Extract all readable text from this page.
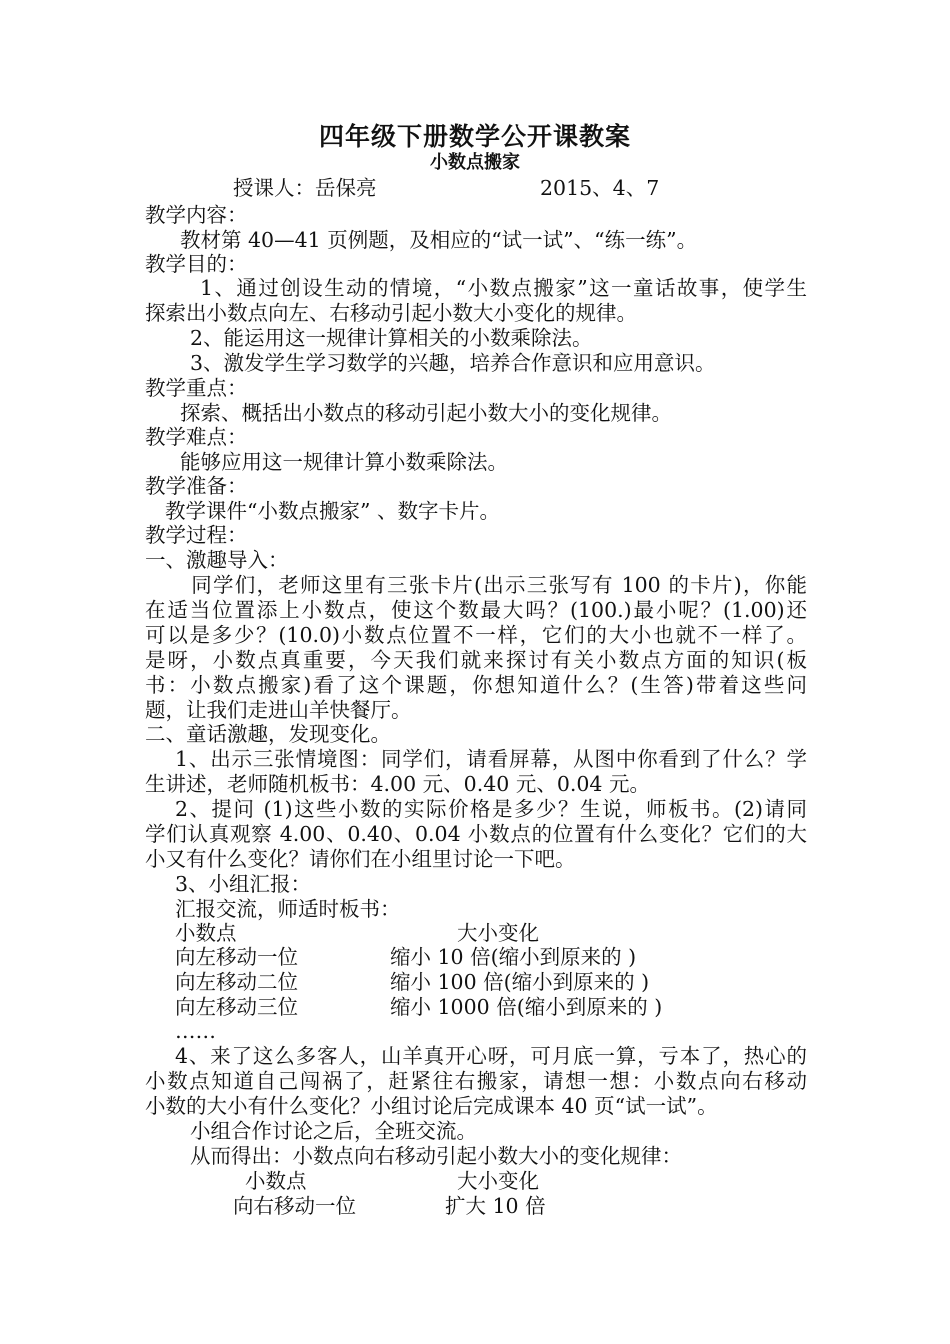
四年级下册数学公开课教案
小数点搬家
授课人：岳保亮	2015、4、7
教学内容：
教材第 40—41 页例题，及相应的“试一试”、“练一练”。
教学目的：
1、通过创设生动的情境，“小数点搬家”这一童话故事，使学生
探索出小数点向左、右移动引起小数大小变化的规律。
2、能运用这一规律计算相关的小数乘除法。
3、激发学生学习数学的兴趣，培养合作意识和应用意识。
教学重点：
探索、概括出小数点的移动引起小数大小的变化规律。
教学难点：
能够应用这一规律计算小数乘除法。
教学准备：
教学课件“小数点搬家” 、数字卡片。
教学过程：
一、激趣导入：
同学们，老师这里有三张卡片(出示三张写有 100 的卡片)，你能
在适当位置添上小数点，使这个数最大吗？(100.)最小呢？(1.00)还
可以是多少？(10.0)小数点位置不一样，它们的大小也就不一样了。
是呀，小数点真重要，今天我们就来探讨有关小数点方面的知识(板
书：小数点搬家)看了这个课题，你想知道什么？(生答)带着这些问
题，让我们走进山羊快餐厅。
二、童话激趣，发现变化。
1、出示三张情境图：同学们，请看屏幕，从图中你看到了什么？学
生讲述，老师随机板书：4.00 元、0.40 元、0.04 元。
2、提问 (1)这些小数的实际价格是多少？生说，师板书。(2)请同
学们认真观察 4.00、0.40、0.04 小数点的位置有什么变化？它们的大
小又有什么变化？请你们在小组里讨论一下吧。
3、小组汇报：
汇报交流，师适时板书：
小数点	大小变化
向左移动一位	缩小 10 倍(缩小到原来的 )
向左移动二位	缩小 100 倍(缩小到原来的 )
向左移动三位	缩小 1000 倍(缩小到原来的 )
……
4、来了这么多客人，山羊真开心呀，可月底一算，亏本了，热心的
小数点知道自己闯祸了，赶紧往右搬家，请想一想：小数点向右移动
小数的大小有什么变化？小组讨论后完成课本 40 页“试一试”。
小组合作讨论之后，全班交流。
从而得出：小数点向右移动引起小数大小的变化规律：
小数点	大小变化
向右移动一位	扩大 10 倍
